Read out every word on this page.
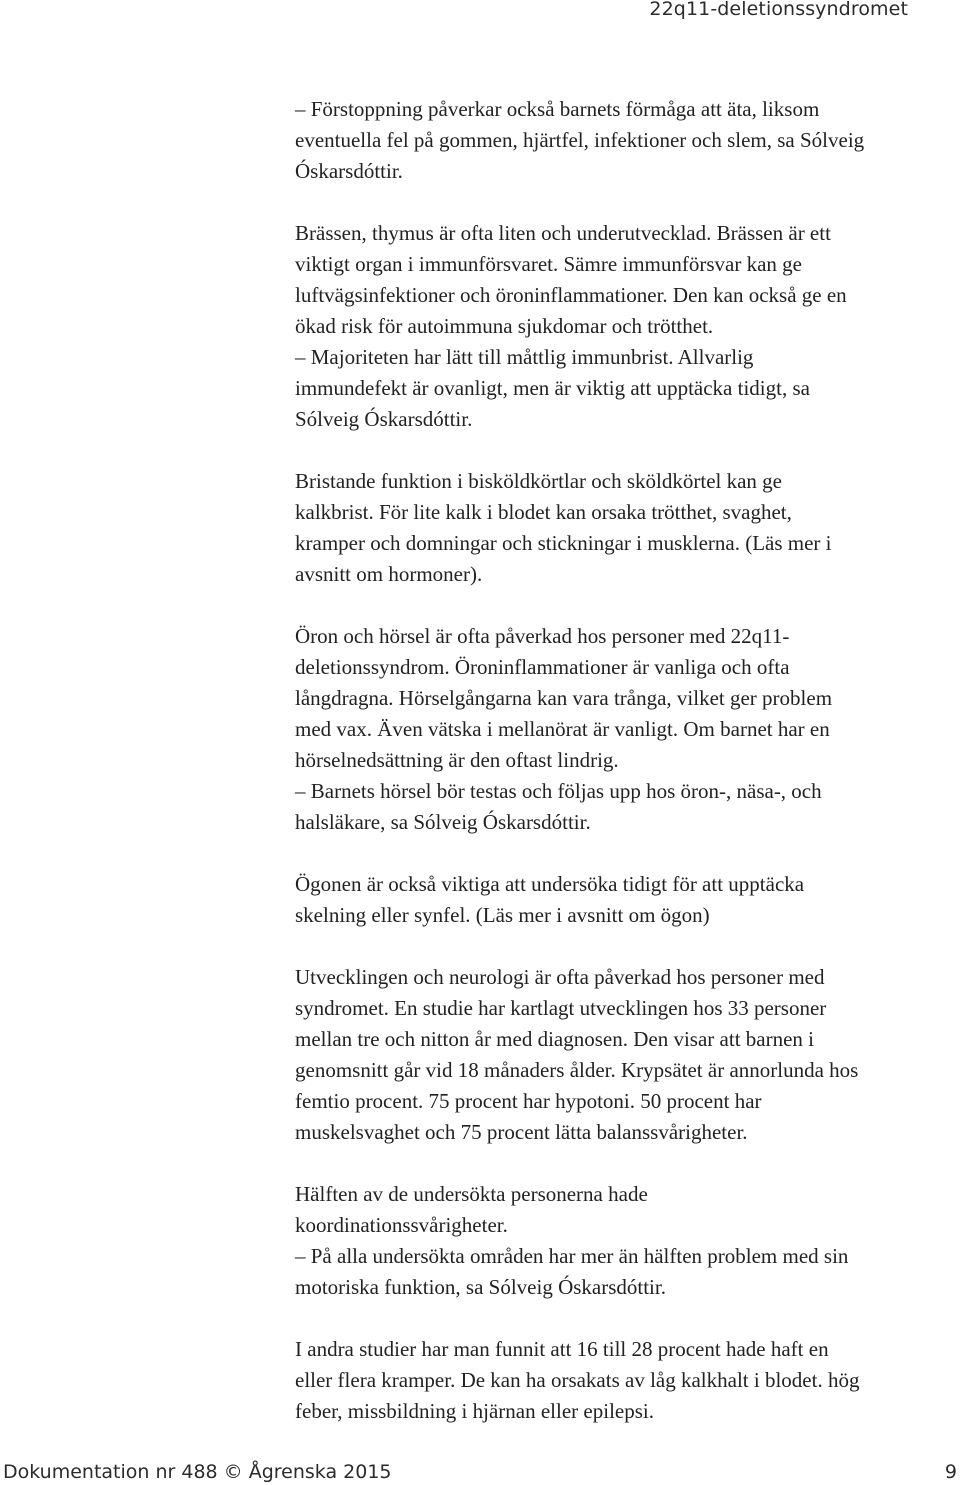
22q11-deletionssyndromet

– Förstoppning påverkar också barnets förmåga att äta, liksom
eventuella fel på gommen, hjärtfel, infektioner och slem, sa Sólveig
Óskarsdóttir.

Brässen, thymus är ofta liten och underutvecklad. Brässen är ett
viktigt organ i immunförsvaret. Sämre immunförsvar kan ge
luftvägsinfektioner och öroninflammationer. Den kan också ge en
ökad risk för autoimmuna sjukdomar och trötthet.
– Majoriteten har lätt till måttlig immunbrist. Allvarlig
immundefekt är ovanligt, men är viktig att upptäcka tidigt, sa
Sólveig Óskarsdóttir.

Bristande funktion i bisköldkörtlar och sköldkörtel kan ge
kalkbrist. För lite kalk i blodet kan orsaka trötthet, svaghet,
kramper och domningar och stickningar i musklerna. (Läs mer i
avsnitt om hormoner).

Öron och hörsel är ofta påverkad hos personer med 22q11-
deletionssyndrom. Öroninflammationer är vanliga och ofta
långdragna. Hörselgångarna kan vara trånga, vilket ger problem
med vax. Även vätska i mellanörat är vanligt. Om barnet har en
hörselnedsättning är den oftast lindrig.
– Barnets hörsel bör testas och följas upp hos öron-, näsa-, och
halsläkare, sa Sólveig Óskarsdóttir.

Ögonen är också viktiga att undersöka tidigt för att upptäcka
skelning eller synfel. (Läs mer i avsnitt om ögon)

Utvecklingen och neurologi är ofta påverkad hos personer med
syndromet. En studie har kartlagt utvecklingen hos 33 personer
mellan tre och nitton år med diagnosen. Den visar att barnen i
genomsnitt går vid 18 månaders ålder. Krypsätet är annorlunda hos
femtio procent. 75 procent har hypotoni. 50 procent har
muskelsvaghet och 75 procent lätta balanssvårigheter.

Hälften av de undersökta personerna hade
koordinationssvårigheter.
– På alla undersökta områden har mer än hälften problem med sin
motoriska funktion, sa Sólveig Óskarsdóttir.

I andra studier har man funnit att 16 till 28 procent hade haft en
eller flera kramper. De kan ha orsakats av låg kalkhalt i blodet. hög
feber, missbildning i hjärnan eller epilepsi.

Dokumentation nr 488 © Ågrenska 2015	9
